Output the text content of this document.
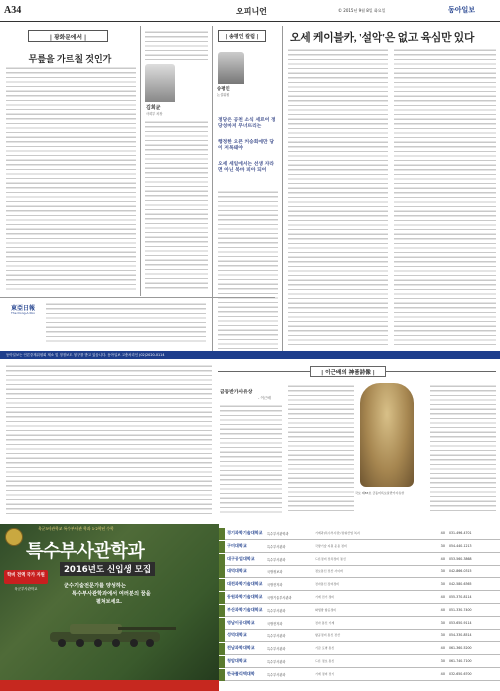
A34	오피니언	© 2015년 9월 8일 화요일	동아일보
| 광화문에서 |
무릎을 가르칠 것인가
김희균
사회부 차장
| 송평인 칼럼 |
송평인
논설위원
정당은 공천 소식 세르어 정당성마저 무너뜨리는
행정한 오픈 커숭회에만 당이 저목돼야
오세 세일에서는 선생 자라면 아닌 북마 피아 되어
오세 케이블카, '설악'은 없고 육심만 있다
東亞日報
The Dong-A Ilbo
동아일보는 언론중재위원회 제소 및 정정보도 청구를 받고 있습니다. 동아일보 고충처리인 (02)2020-0114
| 이근배의 神품詩像 |
금동반가사유상
- 이근배
국보 제83호 금동미륵보살반가사유상
육군3사관학교 특수부사관 학과 1·2학년 수학
특수부사관학과
2016년도 신입생 모집
학비 전액 국가 지원
육군부사관학교	군수기술전문가를 양성하는
특수부사관학과에서 여러분의 꿈을
펼쳐보세요.
경기과학기술대학교 특수부사관학과	기계과(특수부사관) 방위산업 복지	40 031-496-4701
구미대학교	특수부사관과	국방기술 지원 운용 정비	30 054-440-1213
대구공업대학교	특수부사관과	드론정비 전차정비 통신	40 053-560-3868
대덕대학교	국방정보과	정보통신 전산 사이버	30 042-866-0315
대전과학기술대학교 국방전자과	전자통신 장비정비	30 042-580-6365
동원과학기술대학교 국방기술부사관과	기계 전기 정비	40 055-370-8114
부산과학기술대학교 특수부사관과	화생방 항공정비	40 051-330-7400
영남이공대학교	국방전자과	전자 통신 기계	30 053-650-9114
성덕대학교	특수부사관과	항공정비 통신 전산	30 054-330-8514
전남과학대학교	특수부사관과	기갑 포병 통신	40 061-360-5200
청암대학교	특수부사관과	드론 정보 통신	30 061-740-7100
한국폴리텍대학	특수부사관과	기계 정비 전기	40 032-650-6700
